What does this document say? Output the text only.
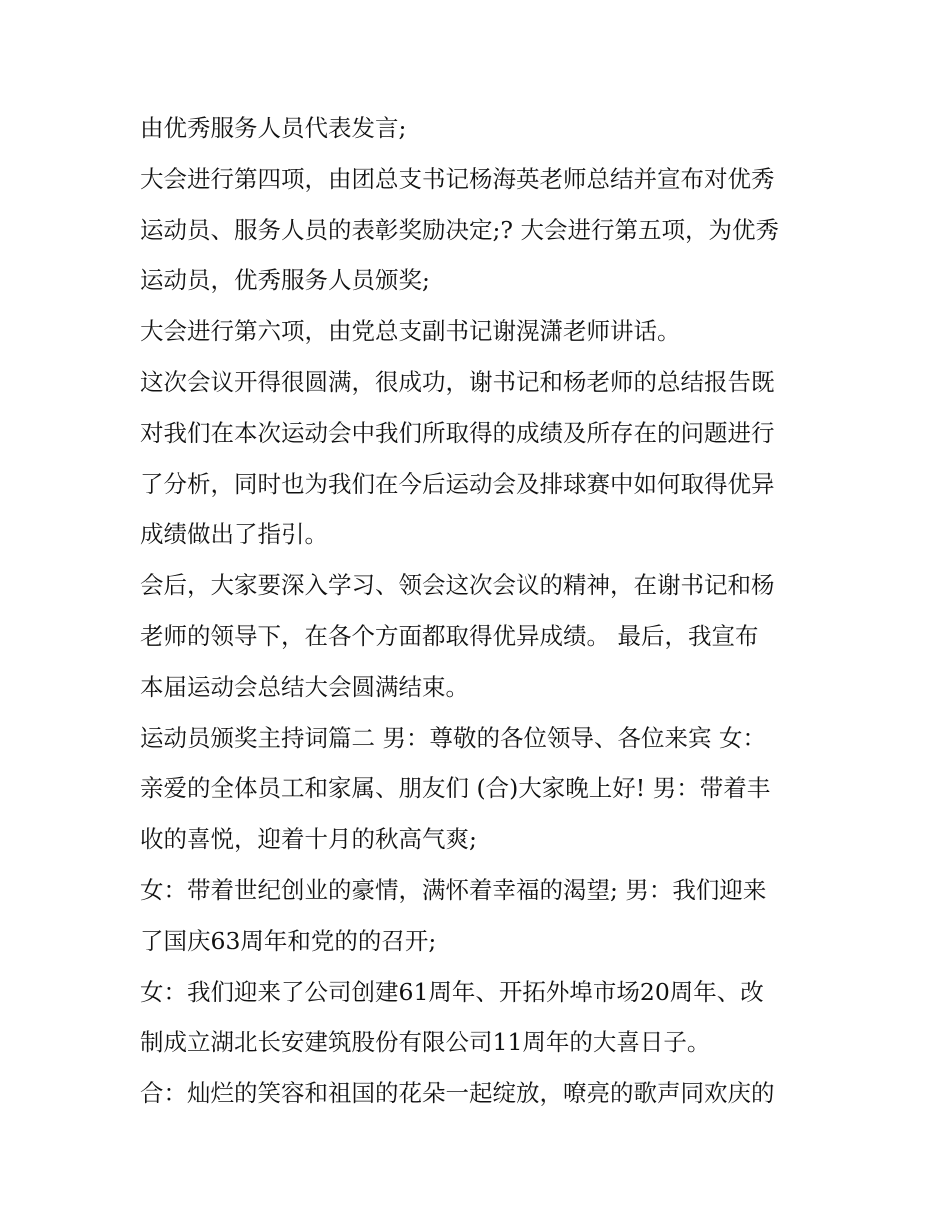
由优秀服务人员代表发言;
大会进行第四项，由团总支书记杨海英老师总结并宣布对优秀
运动员、服务人员的表彰奖励决定;? 大会进行第五项，为优秀
运动员，优秀服务人员颁奖;
大会进行第六项，由党总支副书记谢滉潇老师讲话。
这次会议开得很圆满，很成功，谢书记和杨老师的总结报告既
对我们在本次运动会中我们所取得的成绩及所存在的问题进行
了分析，同时也为我们在今后运动会及排球赛中如何取得优异
成绩做出了指引。
会后，大家要深入学习、领会这次会议的精神，在谢书记和杨
老师的领导下，在各个方面都取得优异成绩。 最后，我宣布
本届运动会总结大会圆满结束。
运动员颁奖主持词篇二 男：尊敬的各位领导、各位来宾 女：
亲爱的全体员工和家属、朋友们 (合)大家晚上好! 男：带着丰
收的喜悦，迎着十月的秋高气爽;
女：带着世纪创业的豪情，满怀着幸福的渴望; 男：我们迎来
了国庆63周年和党的的召开;
女：我们迎来了公司创建61周年、开拓外埠市场20周年、改
制成立湖北长安建筑股份有限公司11周年的大喜日子。
合：灿烂的笑容和祖国的花朵一起绽放，嘹亮的歌声同欢庆的
